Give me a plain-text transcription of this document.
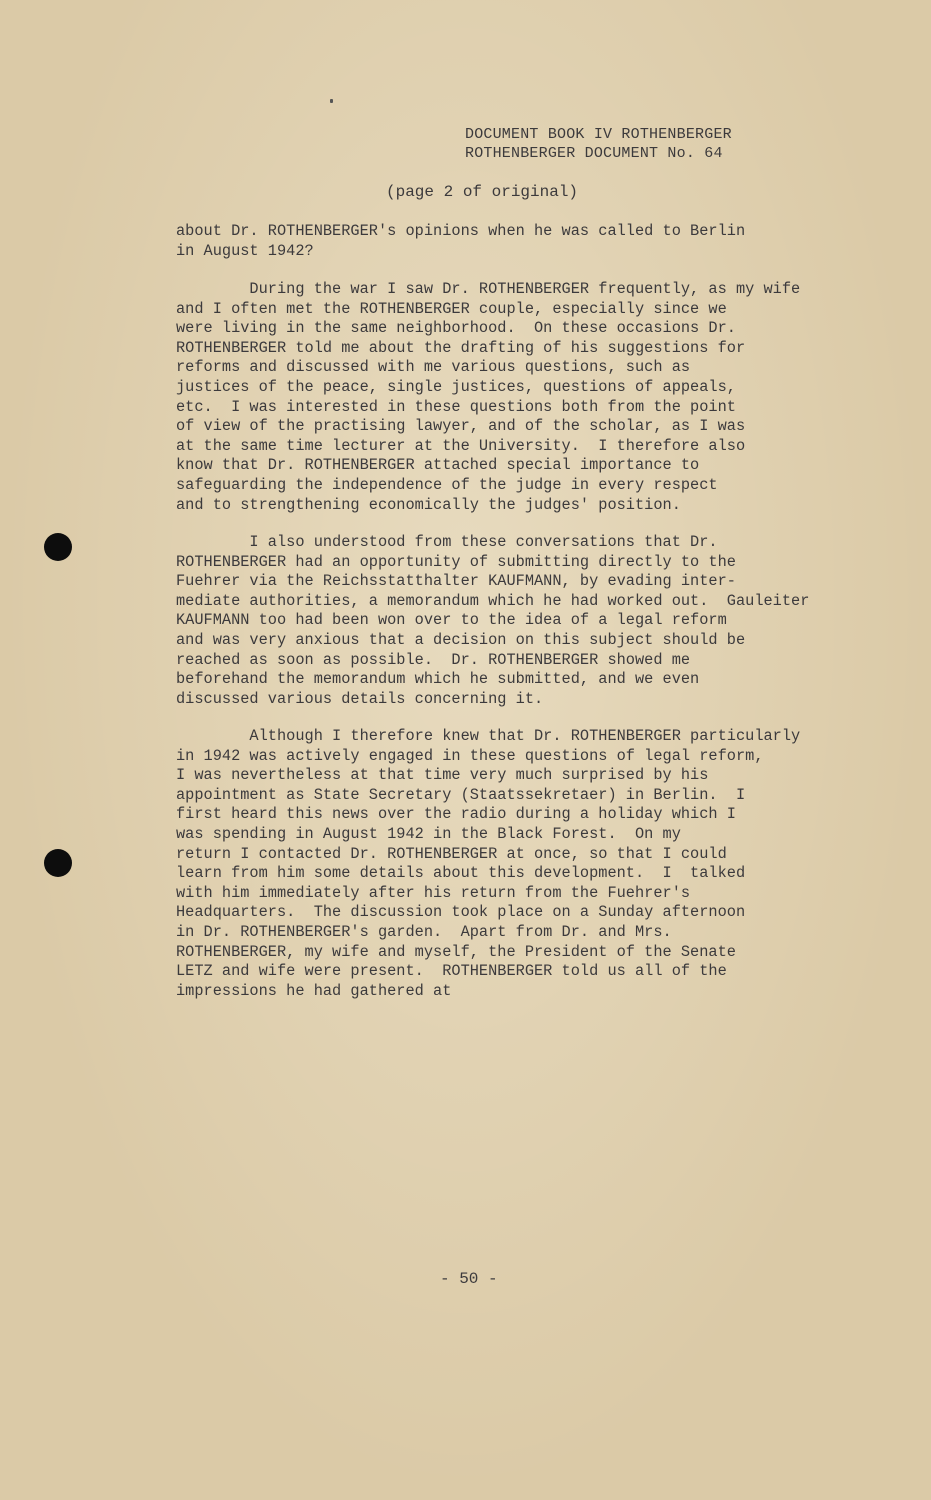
DOCUMENT BOOK IV ROTHENBERGER
ROTHENBERGER DOCUMENT No. 64
(page 2 of original)
about Dr. ROTHENBERGER's opinions when he was called to Berlin
in August 1942?
During the war I saw Dr. ROTHENBERGER frequently, as my wife
and I often met the ROTHENBERGER couple, especially since we
were living in the same neighborhood.  On these occasions Dr.
ROTHENBERGER told me about the drafting of his suggestions for
reforms and discussed with me various questions, such as
justices of the peace, single justices, questions of appeals,
etc.  I was interested in these questions both from the point
of view of the practising lawyer, and of the scholar, as I was
at the same time lecturer at the University.  I therefore also
know that Dr. ROTHENBERGER attached special importance to
safeguarding the independence of the judge in every respect
and to strengthening economically the judges' position.
I also understood from these conversations that Dr.
ROTHENBERGER had an opportunity of submitting directly to the
Fuehrer via the Reichsstatthalter KAUFMANN, by evading inter-
mediate authorities, a memorandum which he had worked out.  Gauleiter
KAUFMANN too had been won over to the idea of a legal reform
and was very anxious that a decision on this subject should be
reached as soon as possible.  Dr. ROTHENBERGER showed me
beforehand the memorandum which he submitted, and we even
discussed various details concerning it.
Although I therefore knew that Dr. ROTHENBERGER particularly
in 1942 was actively engaged in these questions of legal reform,
I was nevertheless at that time very much surprised by his
appointment as State Secretary (Staatssekretaer) in Berlin.  I
first heard this news over the radio during a holiday which I
was spending in August 1942 in the Black Forest.  On my
return I contacted Dr. ROTHENBERGER at once, so that I could
learn from him some details about this development.  I  talked
with him immediately after his return from the Fuehrer's
Headquarters.  The discussion took place on a Sunday afternoon
in Dr. ROTHENBERGER's garden.  Apart from Dr. and Mrs.
ROTHENBERGER, my wife and myself, the President of the Senate
LETZ and wife were present.  ROTHENBERGER told us all of the
impressions he had gathered at
- 50 -
